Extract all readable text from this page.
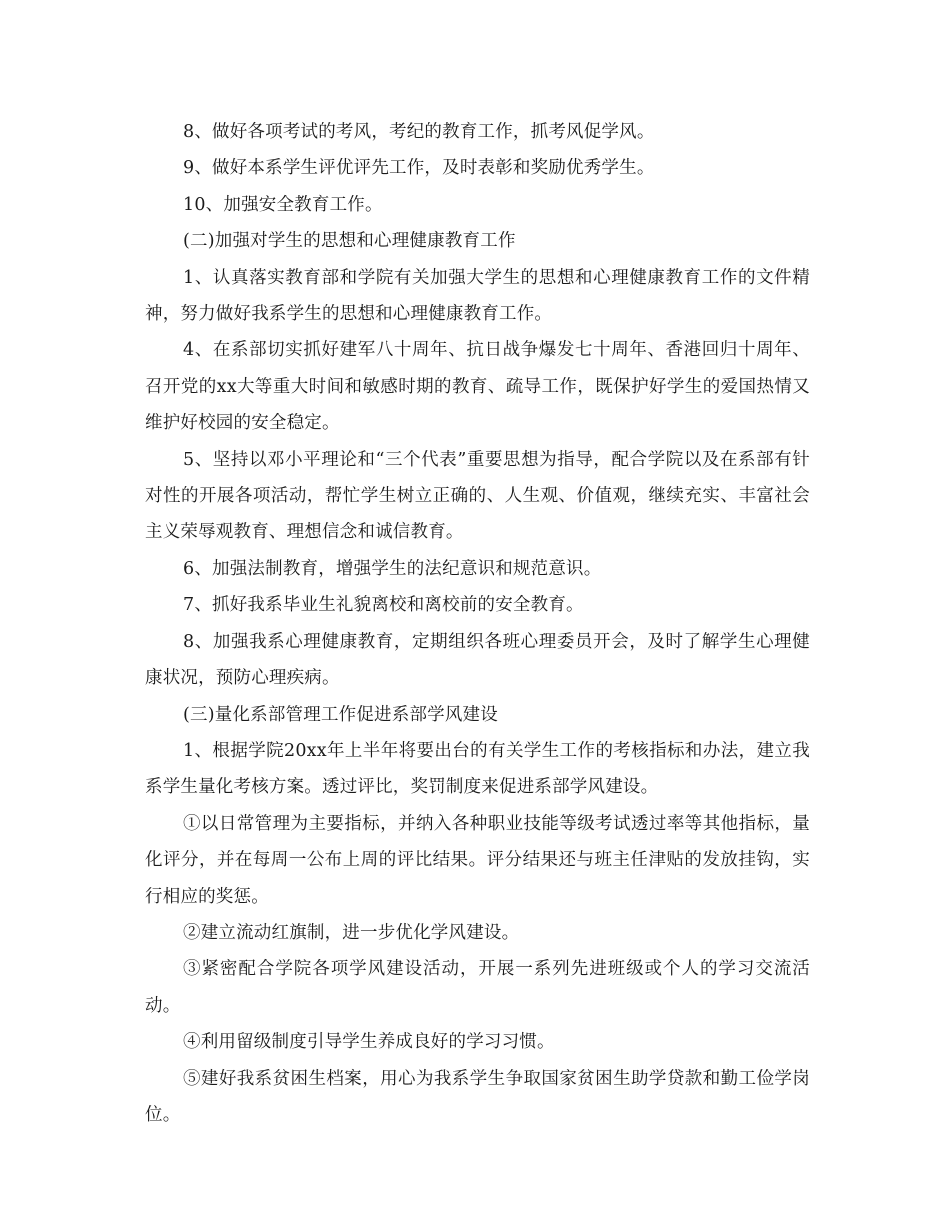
8、做好各项考试的考风，考纪的教育工作，抓考风促学风。

9、做好本系学生评优评先工作，及时表彰和奖励优秀学生。

10、加强安全教育工作。

(二)加强对学生的思想和心理健康教育工作

1、认真落实教育部和学院有关加强大学生的思想和心理健康教育工作的文件精神，努力做好我系学生的思想和心理健康教育工作。

4、在系部切实抓好建军八十周年、抗日战争爆发七十周年、香港回归十周年、召开党的xx大等重大时间和敏感时期的教育、疏导工作，既保护好学生的爱国热情又维护好校园的安全稳定。

5、坚持以邓小平理论和“三个代表”重要思想为指导，配合学院以及在系部有针对性的开展各项活动，帮忙学生树立正确的、人生观、价值观，继续充实、丰富社会主义荣辱观教育、理想信念和诚信教育。

6、加强法制教育，增强学生的法纪意识和规范意识。

7、抓好我系毕业生礼貌离校和离校前的安全教育。

8、加强我系心理健康教育，定期组织各班心理委员开会，及时了解学生心理健康状况，预防心理疾病。

(三)量化系部管理工作促进系部学风建设

1、根据学院20xx年上半年将要出台的有关学生工作的考核指标和办法，建立我系学生量化考核方案。透过评比，奖罚制度来促进系部学风建设。

①以日常管理为主要指标，并纳入各种职业技能等级考试透过率等其他指标，量化评分，并在每周一公布上周的评比结果。评分结果还与班主任津贴的发放挂钩，实行相应的奖惩。

②建立流动红旗制，进一步优化学风建设。

③紧密配合学院各项学风建设活动，开展一系列先进班级或个人的学习交流活动。

④利用留级制度引导学生养成良好的学习习惯。

⑤建好我系贫困生档案，用心为我系学生争取国家贫困生助学贷款和勤工俭学岗位。
